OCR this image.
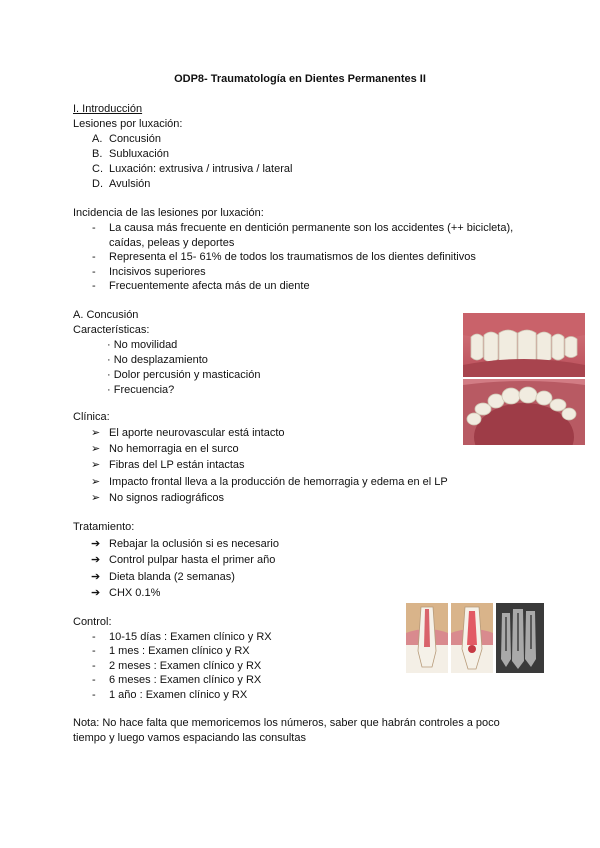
ODP8- Traumatología en Dientes Permanentes II
I. Introducción
Lesiones por luxación:
A. Concusión
B. Subluxación
C. Luxación: extrusiva / intrusiva / lateral
D. Avulsión
Incidencia de las lesiones por luxación:
- La causa más frecuente en dentición permanente son los accidentes (++ bicicleta),
caídas, peleas y deportes
- Representa el 15- 61% de todos los traumatismos de los dientes definitivos
- Incisivos superiores
- Frecuentemente afecta más de un diente
A. Concusión
Características:
· No movilidad
· No desplazamiento
· Dolor percusión y masticación
· Frecuencia?
Clínica:
➢ El aporte neurovascular está intacto
➢ No hemorragia en el surco
➢ Fibras del LP están intactas
➢ Impacto frontal lleva a la producción de hemorragia y edema en el LP
➢ No signos radiográficos
Tratamiento:
➔ Rebajar la oclusión si es necesario
➔ Control pulpar hasta el primer año
➔ Dieta blanda (2 semanas)
➔ CHX 0.1%
Control:
- 10-15 días : Examen clínico y RX
- 1 mes : Examen clínico y RX
- 2 meses : Examen clínico y RX
- 6 meses : Examen clínico y RX
- 1 año : Examen clínico y RX
Nota: No hace falta que memoricemos los números, saber que habrán controles a poco tiempo y luego vamos espaciando las consultas
